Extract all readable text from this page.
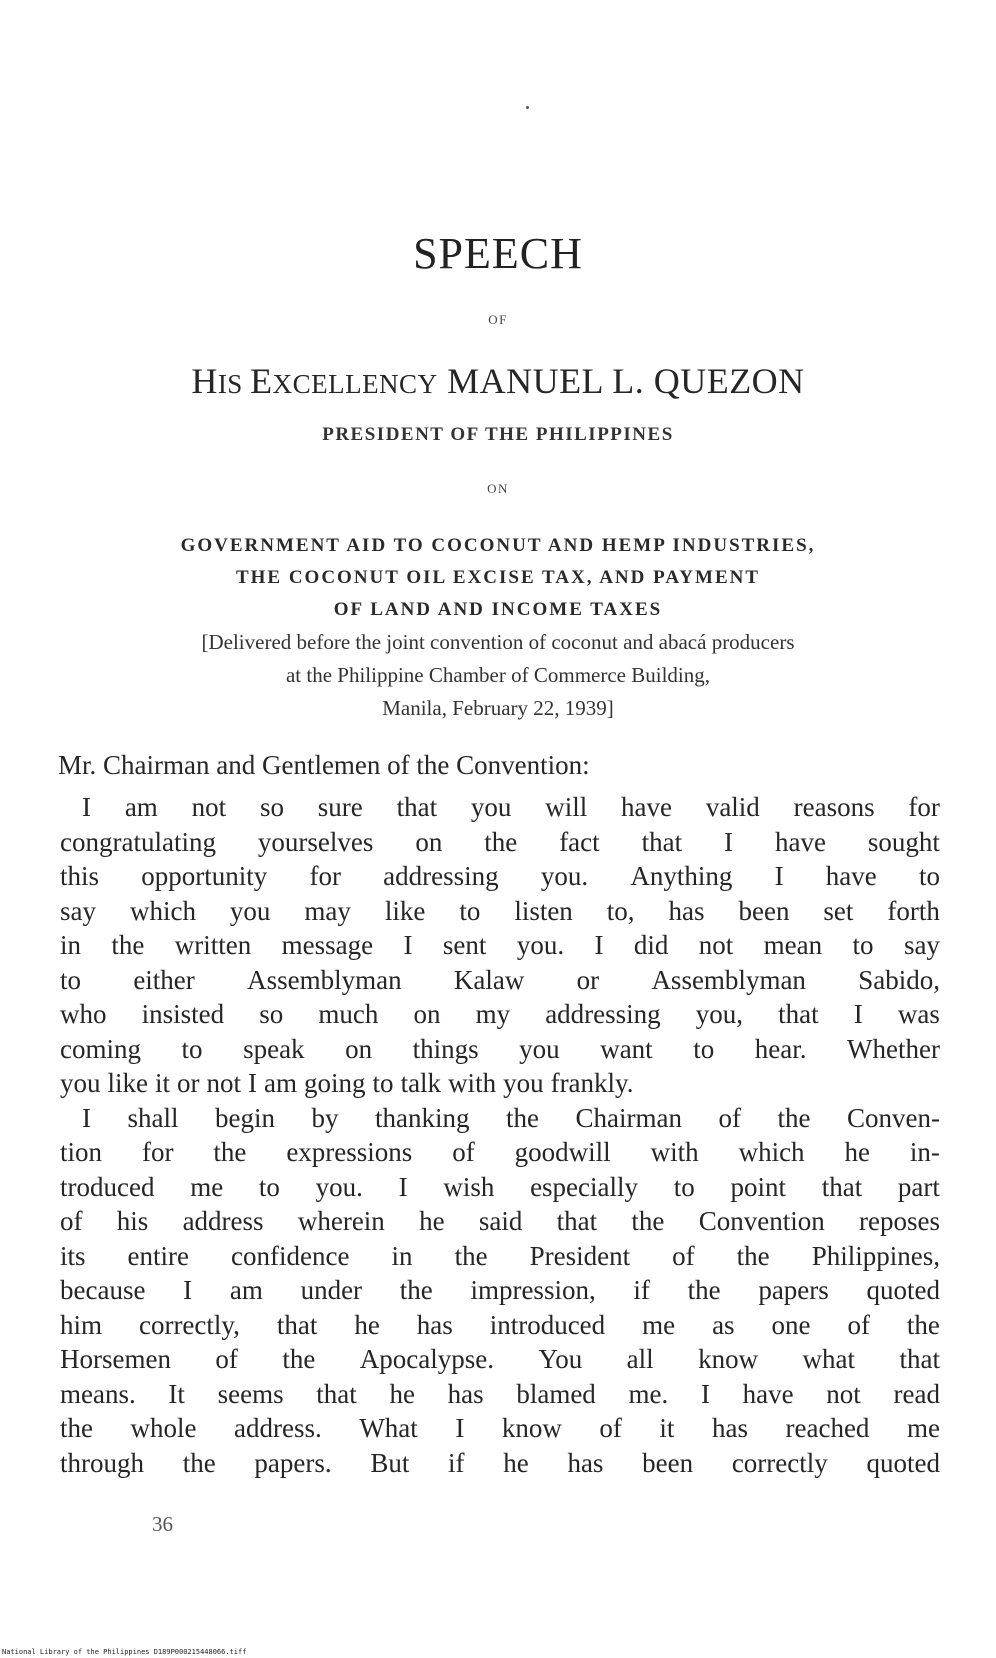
SPEECH
OF
HIS EXCELLENCY MANUEL L. QUEZON
PRESIDENT OF THE PHILIPPINES
ON
GOVERNMENT AID TO COCONUT AND HEMP INDUSTRIES,
THE COCONUT OIL EXCISE TAX, AND PAYMENT
OF LAND AND INCOME TAXES
[Delivered before the joint convention of coconut and abacá producers
at the Philippine Chamber of Commerce Building,
Manila, February 22, 1939]
Mr. Chairman and Gentlemen of the Convention:
I am not so sure that you will have valid reasons for
congratulating yourselves on the fact that I have sought
this opportunity for addressing you. Anything I have to
say which you may like to listen to, has been set forth
in the written message I sent you. I did not mean to say
to either Assemblyman Kalaw or Assemblyman Sabido,
who insisted so much on my addressing you, that I was
coming to speak on things you want to hear. Whether
you like it or not I am going to talk with you frankly.
I shall begin by thanking the Chairman of the Conven-
tion for the expressions of goodwill with which he in-
troduced me to you. I wish especially to point that part
of his address wherein he said that the Convention reposes
its entire confidence in the President of the Philippines,
because I am under the impression, if the papers quoted
him correctly, that he has introduced me as one of the
Horsemen of the Apocalypse. You all know what that
means. It seems that he has blamed me. I have not read
the whole address. What I know of it has reached me
through the papers. But if he has been correctly quoted
36
National Library of the Philippines D189P000215448066.tiff
